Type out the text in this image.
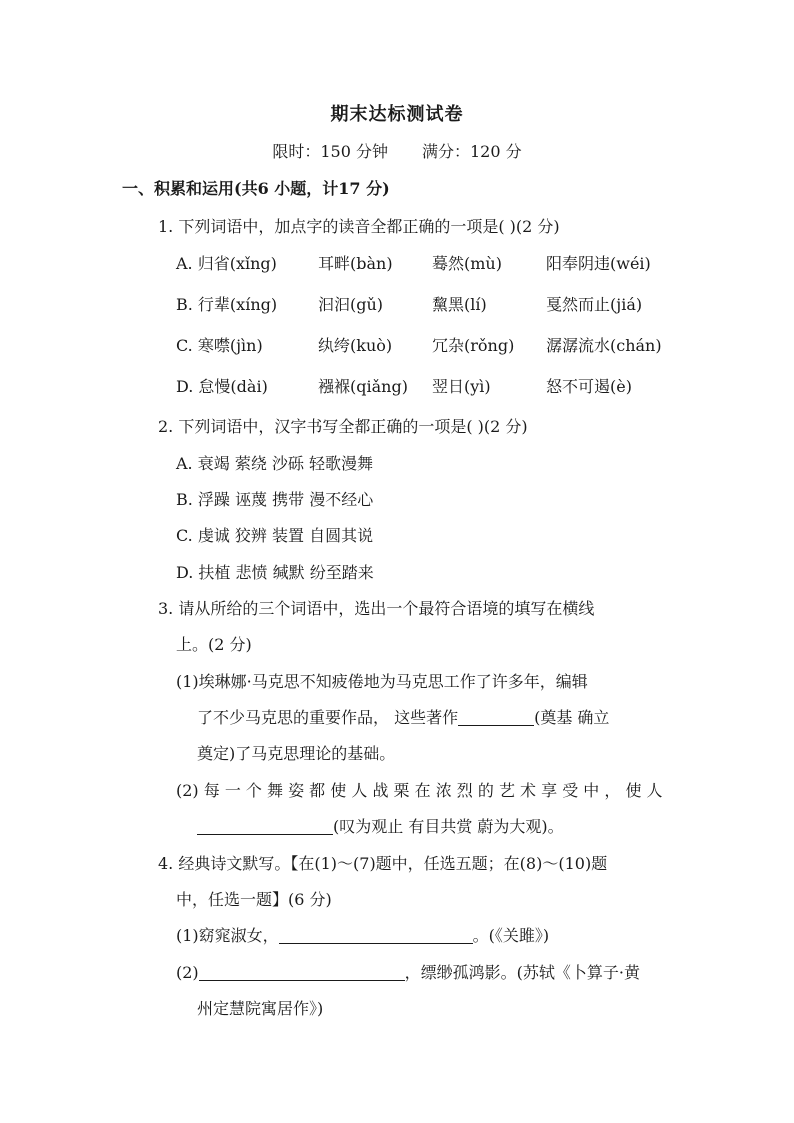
期末达标测试卷
限时：150 分钟 满分：120 分
一、积累和运用(共6 小题，计17 分)
1. 下列词语中，加点字的读音全都正确的一项是( )(2 分)
A. 归省(xǐng)	耳畔(bàn) 蓦然(mù)	阳奉阴违(wéi)
B. 行辈(xíng)	汩汩(gǔ)	黧黑(lí)	戛然而止(jiá)
C. 寒噤(jìn)	纨绔(kuò) 冗杂(rǒng) 潺潺流水(chán)
D. 怠慢(dài)	襁褓(qiǎng) 翌日(yì)	怒不可遏(è)
2. 下列词语中，汉字书写全都正确的一项是( )(2 分)
A. 衰竭 萦绕 沙砾 轻歌漫舞
B. 浮躁 诬蔑 携带 漫不经心
C. 虔诚 狡辨 装置 自圆其说
D. 扶植 悲愤 缄默 纷至踏来
3. 请从所给的三个词语中，选出一个最符合语境的填写在横线
上。(2 分)
(1)埃琳娜·马克思不知疲倦地为马克思工作了许多年，编辑
了不少马克思的重要作品， 这些著作	(奠基 确立
奠定)了马克思理论的基础。
(2) 每 一 个 舞 姿 都 使 人 战 栗 在 浓 烈 的 艺 术 享 受 中 ， 使 人
(叹为观止 有目共赏 蔚为大观)。
4. 经典诗文默写。【在(1)～(7)题中，任选五题；在(8)～(10)题
中，任选一题】(6 分)
(1)窈窕淑女，	。(《关雎》)
(2)	，缥缈孤鸿影。(苏轼《卜算子·黄
州定慧院寓居作》)
